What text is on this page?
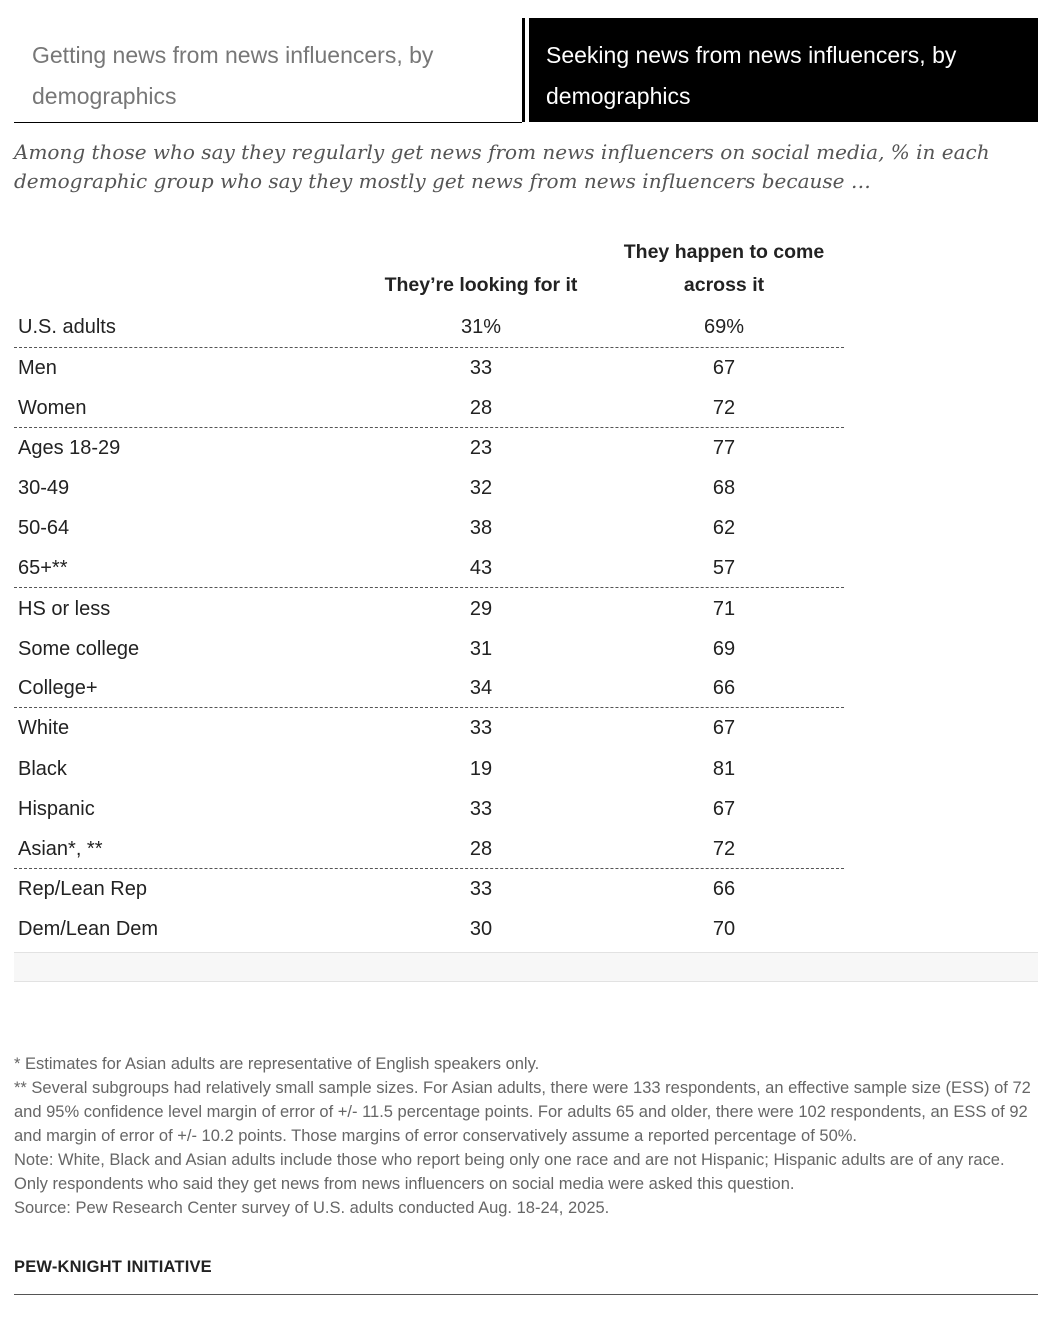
Getting news from news influencers, by demographics
Seeking news from news influencers, by demographics
Among those who say they regularly get news from news influencers on social media, % in each demographic group who say they mostly get news from news influencers because …
They’re looking for it
They happen to come across it
U.S. adults	31%	69%
Men	33	67
Women	28	72
Ages 18-29	23	77
30-49	32	68
50-64	38	62
65+**	43	57
HS or less	29	71
Some college	31	69
College+	34	66
White	33	67
Black	19	81
Hispanic	33	67
Asian*, **	28	72
Rep/Lean Rep	33	66
Dem/Lean Dem	30	70

* Estimates for Asian adults are representative of English speakers only.

** Several subgroups had relatively small sample sizes. For Asian adults, there were 133 respondents, an effective sample size (ESS) of 72 and 95% confidence level margin of error of +/- 11.5 percentage points. For adults 65 and older, there were 102 respondents, an ESS of 92 and margin of error of +/- 10.2 points. Those margins of error conservatively assume a reported percentage of 50%.

Note: White, Black and Asian adults include those who report being only one race and are not Hispanic; Hispanic adults are of any race. Only respondents who said they get news from news influencers on social media were asked this question.

Source: Pew Research Center survey of U.S. adults conducted Aug. 18-24, 2025.

PEW-KNIGHT INITIATIVE
